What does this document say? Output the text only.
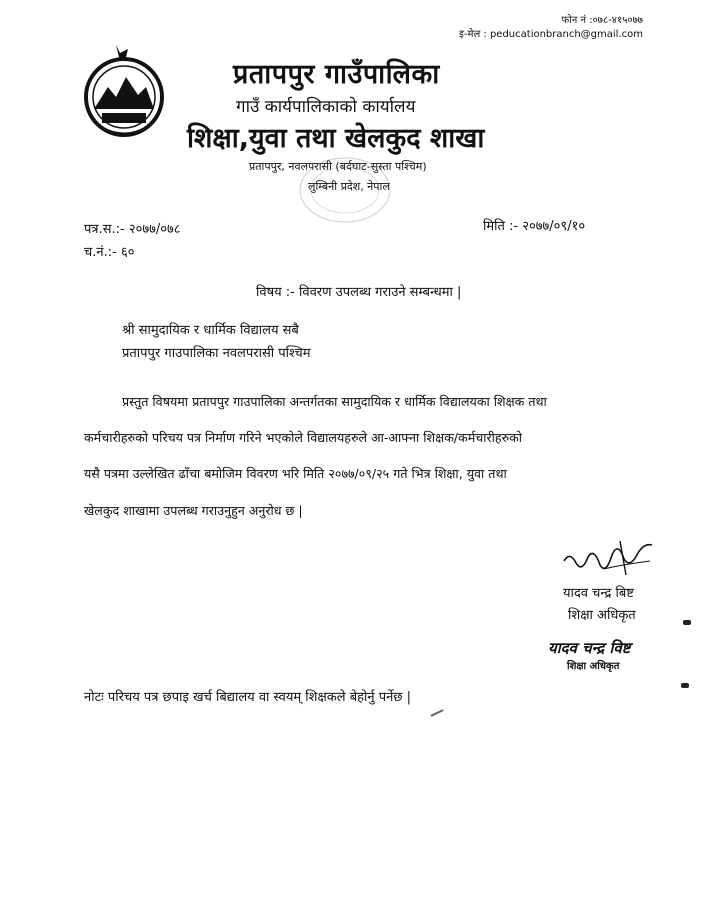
फोन नं :०७८-४१५०७७
इ-मेल : peducationbranch@gmail.com
प्रतापपुर गाउँपालिका
गाउँ कार्यपालिकाको कार्यालय
शिक्षा,युवा तथा खेलकुद शाखा
प्रतापपुर, नवलपरासी (बर्दघाट-सुस्ता पश्चिम)
लुम्बिनी प्रदेश, नेपाल
पत्र.स.:- २०७७/०७८
च.नं.:- ६०
मिति :- २०७७/०९/१०
विषय :- विवरण उपलब्ध गराउने सम्बन्धमा |
श्री सामुदायिक र धार्मिक विद्यालय सबै
प्रतापपुर गाउपालिका नवलपरासी पश्चिम
प्रस्तुत विषयमा प्रतापपुर गाउपालिका अन्तर्गतका सामुदायिक र धार्मिक विद्यालयका शिक्षक तथा
कर्मचारीहरुको परिचय पत्र निर्माण गरिने भएकोले विद्यालयहरुले आ-आफ्ना शिक्षक/कर्मचारीहरुको
यसै पत्रमा उल्लेखित ढाँचा बमोजिम विवरण भरि मिति २०७७/०९/२५ गते भित्र शिक्षा, युवा तथा
खेलकुद शाखामा उपलब्ध गराउनुहुन अनुरोध छ |
यादव चन्द्र बिष्ट
शिक्षा अधिकृत
यादव चन्द्र विष्ट
शिक्षा अधिकृत
नोटः परिचय पत्र छपाइ खर्च बिद्यालय वा स्वयम् शिक्षकले बेहोर्नु पर्नेछ |
